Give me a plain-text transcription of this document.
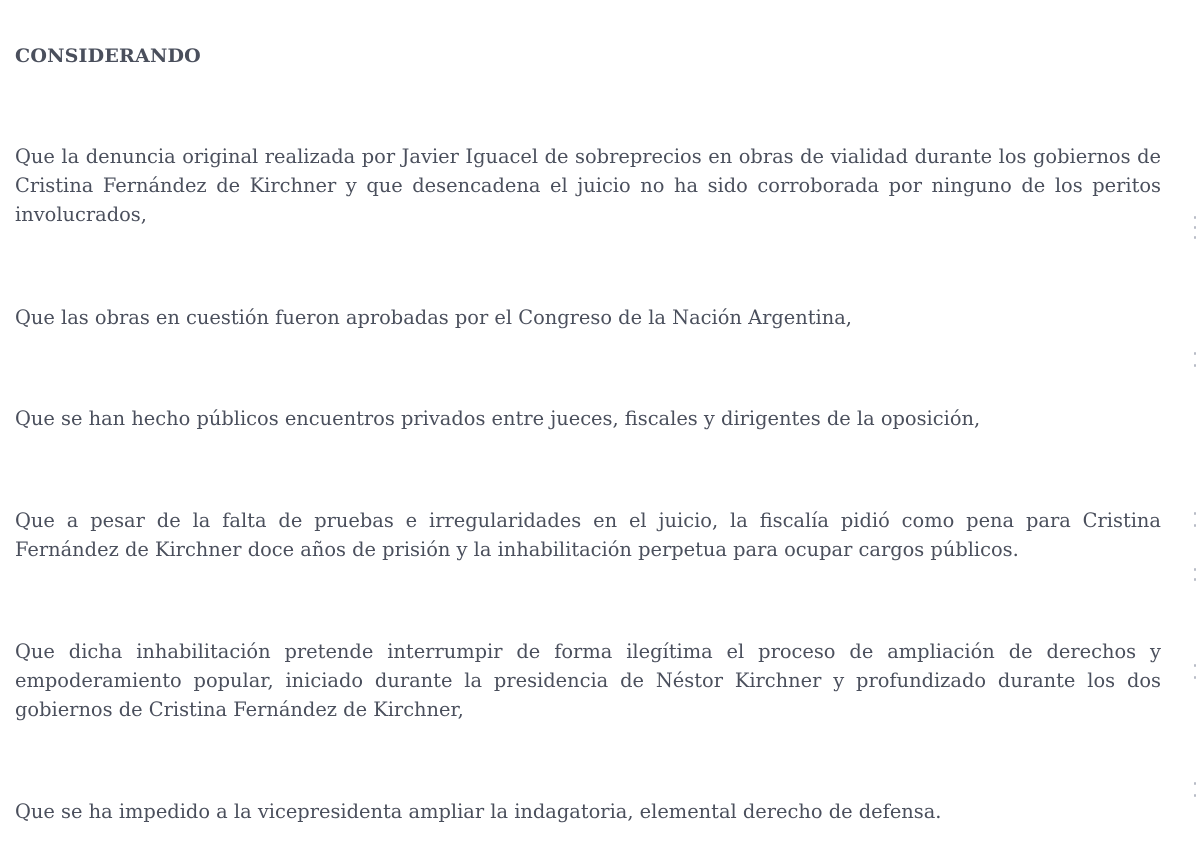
CONSIDERANDO

Que la denuncia original realizada por Javier Iguacel de sobreprecios en obras de vialidad durante los gobiernos de Cristina Fernández de Kirchner y que desencadena el juicio no ha sido corroborada por ninguno de los peritos involucrados,

Que las obras en cuestión fueron aprobadas por el Congreso de la Nación Argentina,

Que se han hecho públicos encuentros privados entre jueces, fiscales y dirigentes de la oposición,

Que a pesar de la falta de pruebas e irregularidades en el juicio, la fiscalía pidió como pena para Cristina Fernández de Kirchner doce años de prisión y la inhabilitación perpetua para ocupar cargos públicos.

Que dicha inhabilitación pretende interrumpir de forma ilegítima el proceso de ampliación de derechos y empoderamiento popular, iniciado durante la presidencia de Néstor Kirchner y profundizado durante los dos gobiernos de Cristina Fernández de Kirchner,

Que se ha impedido a la vicepresidenta ampliar la indagatoria, elemental derecho de defensa.
